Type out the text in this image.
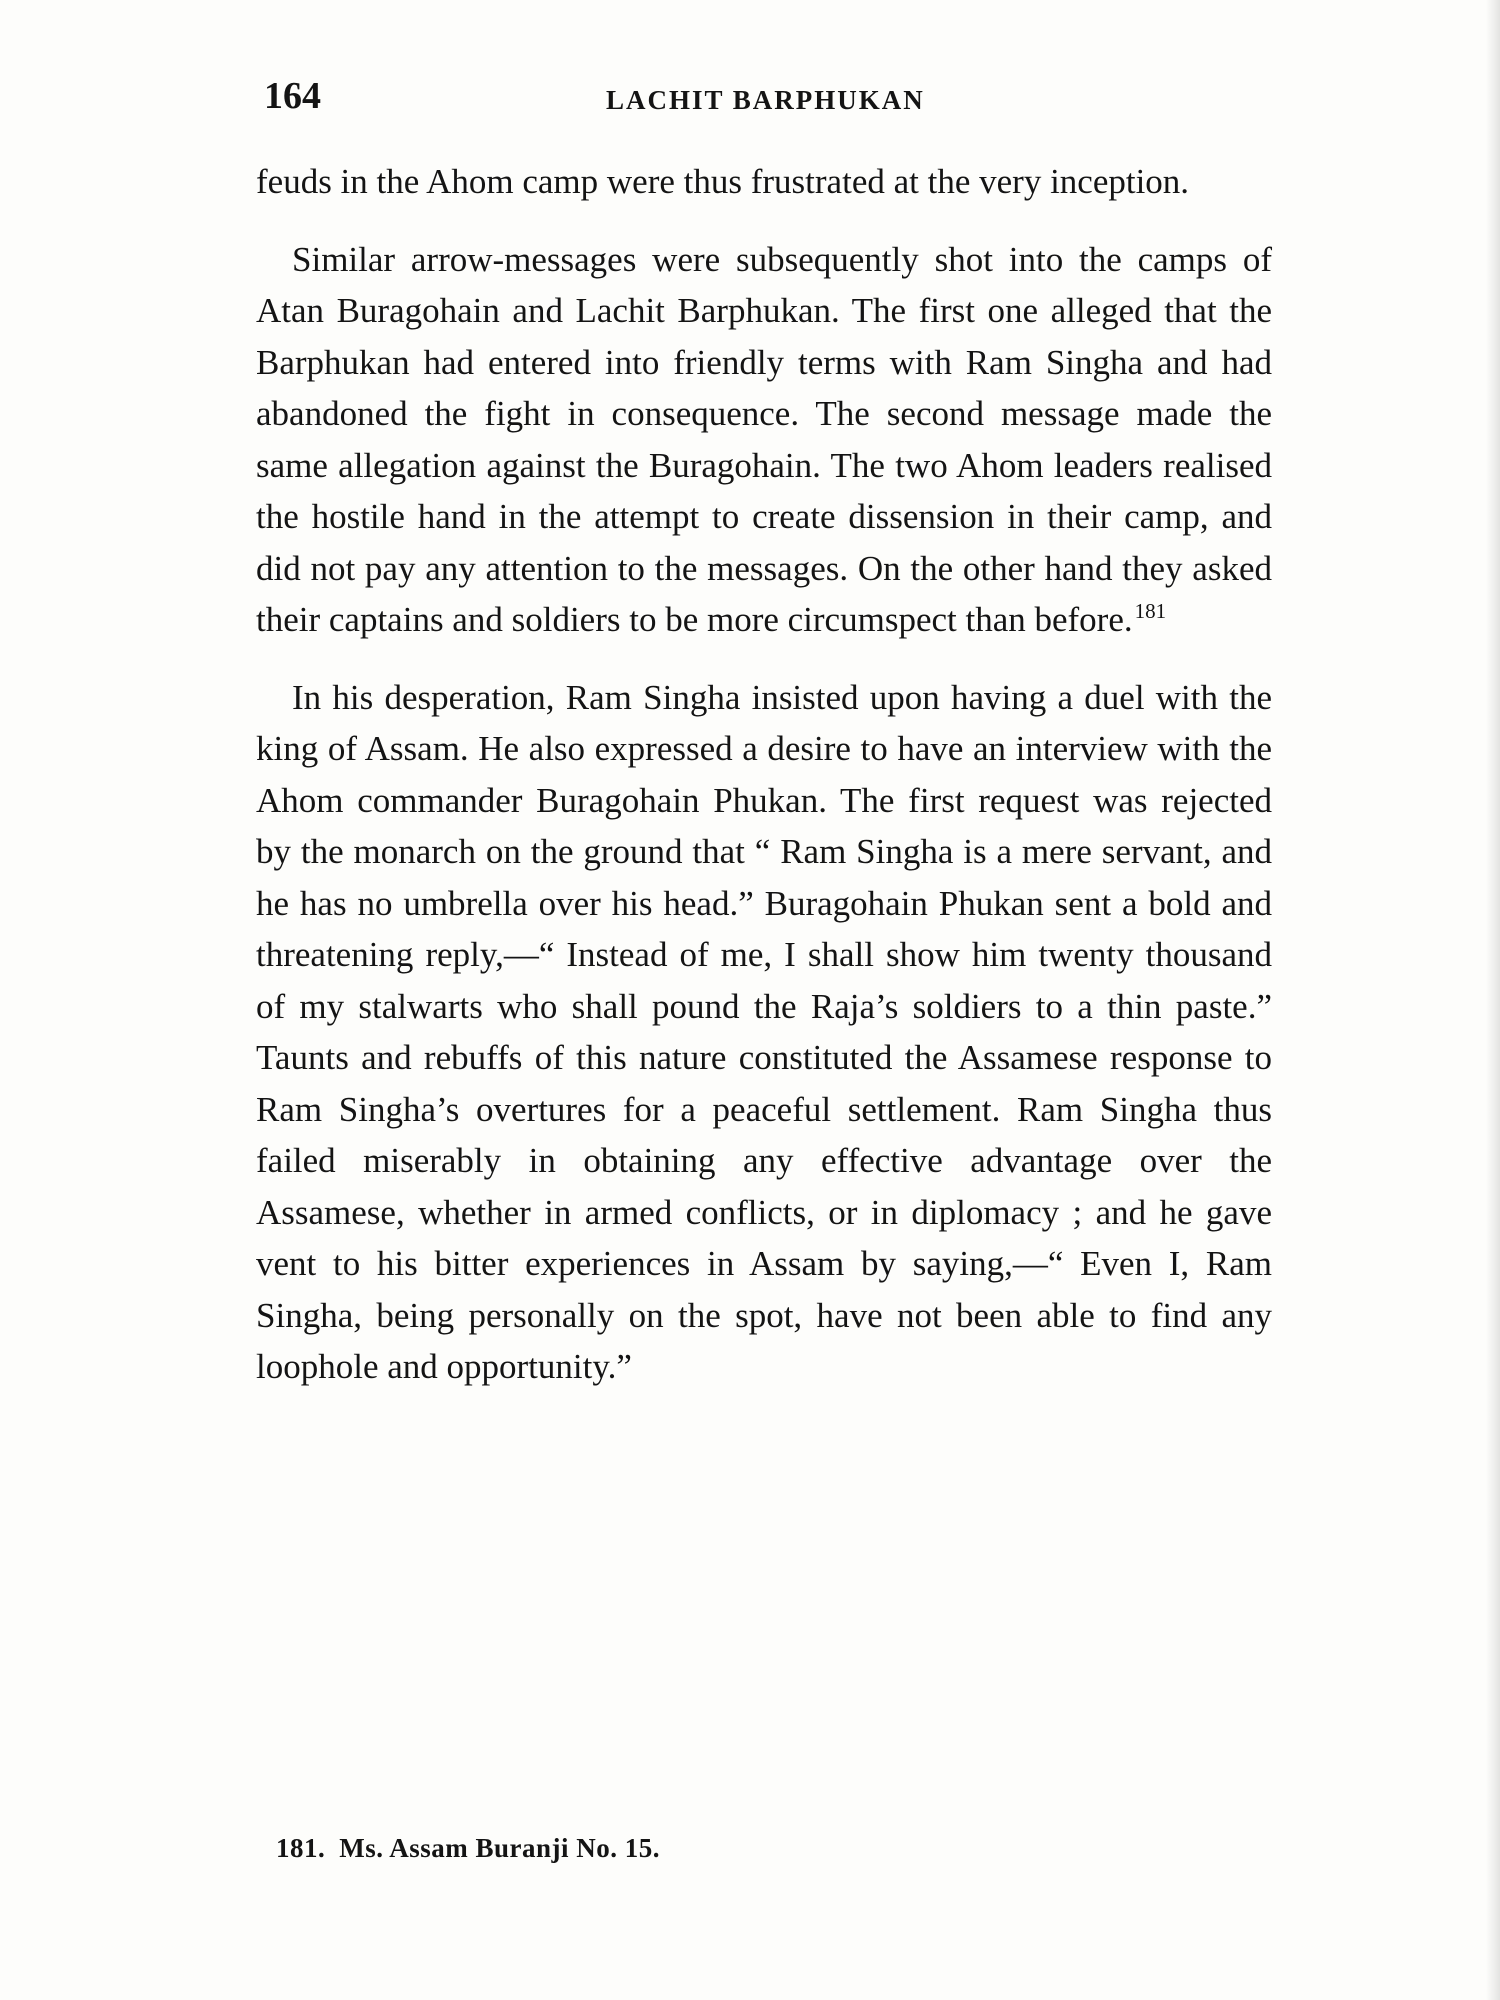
164	LACHIT BARPHUKAN

feuds in the Ahom camp were thus frustrated at the very inception.

Similar arrow-messages were subsequently shot into the camps of Atan Buragohain and Lachit Barphukan. The first one alleged that the Barphukan had entered into friendly terms with Ram Singha and had abandoned the fight in consequence. The second message made the same allegation against the Buragohain. The two Ahom leaders realised the hostile hand in the attempt to create dissension in their camp, and did not pay any attention to the messages. On the other hand they asked their captains and soldiers to be more circumspect than before.$^{181}$

In his desperation, Ram Singha insisted upon having a duel with the king of Assam. He also expressed a desire to have an interview with the Ahom commander Buragohain Phukan. The first request was rejected by the monarch on the ground that “ Ram Singha is a mere servant, and he has no umbrella over his head.” Buragohain Phukan sent a bold and threatening reply,—“ Instead of me, I shall show him twenty thousand of my stalwarts who shall pound the Raja’s soldiers to a thin paste.” Taunts and rebuffs of this nature constituted the Assamese response to Ram Singha’s overtures for a peaceful settlement. Ram Singha thus failed miserably in obtaining any effective advantage over the Assamese, whether in armed conflicts, or in diplomacy ; and he gave vent to his bitter experiences in Assam by saying,—“ Even I, Ram Singha, being personally on the spot, have not been able to find any loophole and opportunity.”

181. Ms. Assam Buranji No. 15.
